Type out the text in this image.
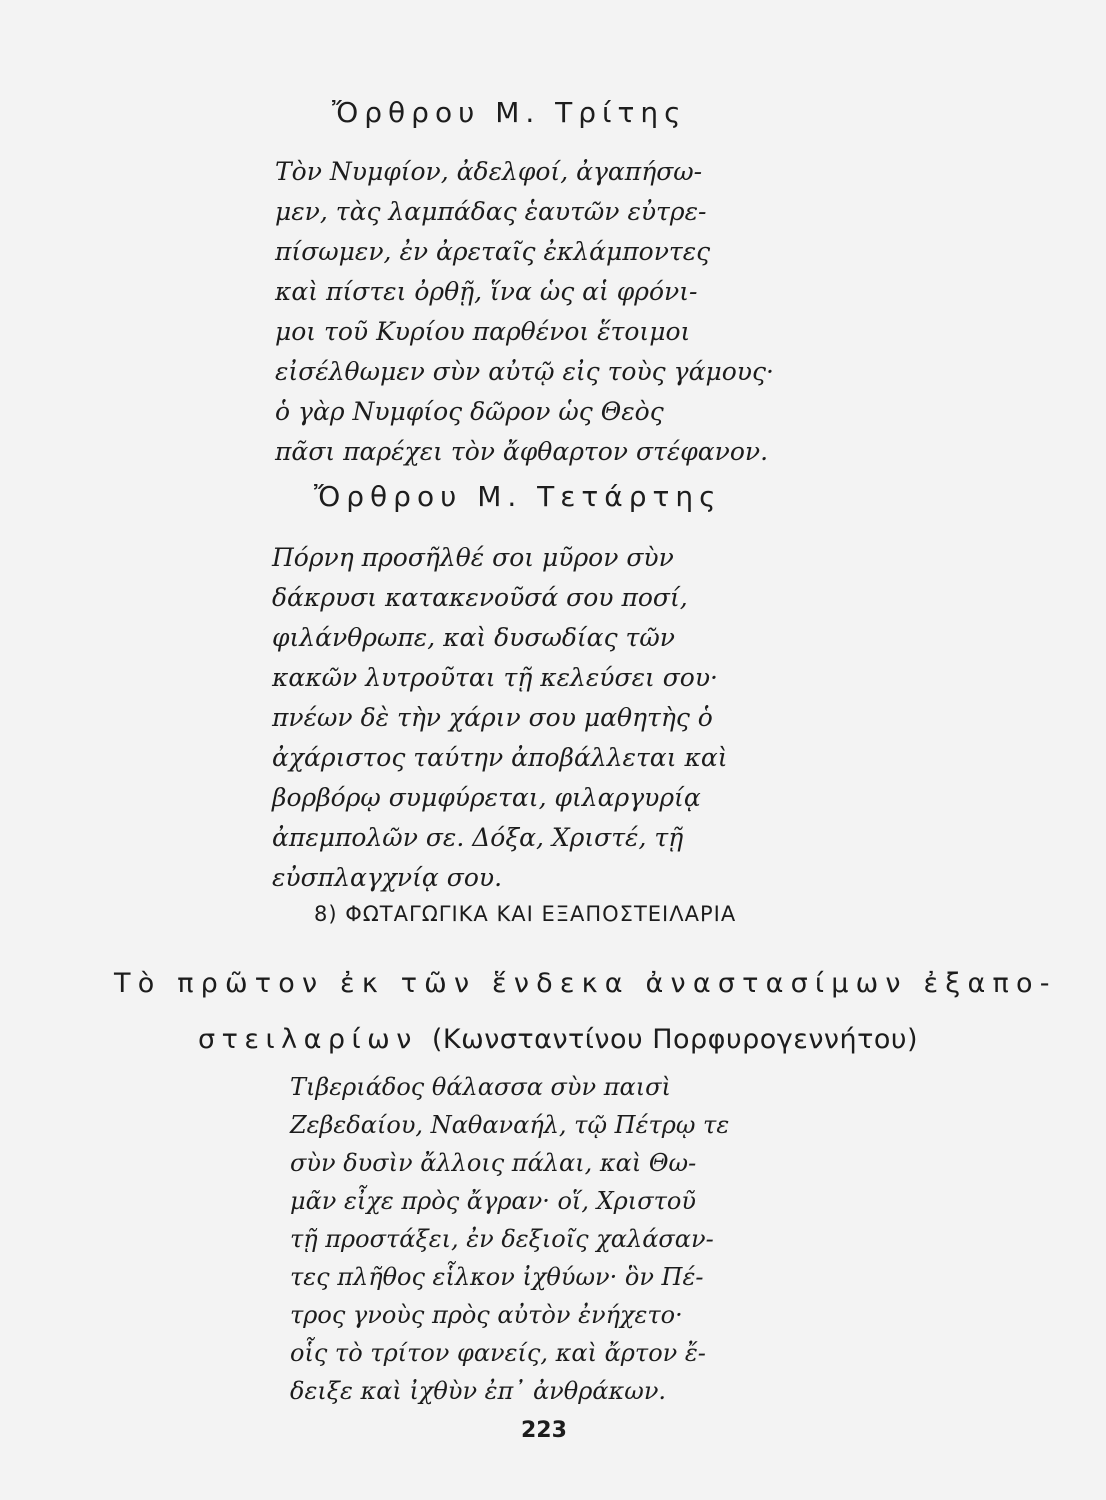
Ὄρθρου Μ. Τρίτης
Τὸν Νυμφίον, ἀδελφοί, ἀγαπήσω-
μεν, τὰς λαμπάδας ἑαυτῶν εὐτρε-
πίσωμεν, ἐν ἀρεταῖς ἐκλάμποντες
καὶ πίστει ὀρθῇ, ἵνα ὡς αἱ φρόνι-
μοι τοῦ Κυρίου παρθένοι ἕτοιμοι
εἰσέλθωμεν σὺν αὐτῷ εἰς τοὺς γάμους·
ὁ γὰρ Νυμφίος δῶρον ὡς Θεὸς
πᾶσι παρέχει τὸν ἄφθαρτον στέφανον.
Ὄρθρου Μ. Τετάρτης
Πόρνη προσῆλθέ σοι μῦρον σὺν
δάκρυσι κατακενοῦσά σου ποσί,
φιλάνθρωπε, καὶ δυσωδίας τῶν
κακῶν λυτροῦται τῇ κελεύσει σου·
πνέων δὲ τὴν χάριν σου μαθητὴς ὁ
ἀχάριστος ταύτην ἀποβάλλεται καὶ
βορβόρῳ συμφύρεται, φιλαργυρίᾳ
ἀπεμπολῶν σε. Δόξα, Χριστέ, τῇ
εὐσπλαγχνίᾳ σου.
8) ΦΩΤΑΓΩΓΙΚΑ ΚΑΙ ΕΞΑΠΟΣΤΕΙΛΑΡΙΑ
Τὸ πρῶτον ἐκ τῶν ἕνδεκα ἀναστασίμων ἐξαπο-
στειλαρίων (Κωνσταντίνου Πορφυρογεννήτου)
Τιβεριάδος θάλασσα σὺν παισὶ
Ζεβεδαίου, Ναθαναήλ, τῷ Πέτρῳ τε
σὺν δυσὶν ἄλλοις πάλαι, καὶ Θω-
μᾶν εἶχε πρὸς ἄγραν· οἵ, Χριστοῦ
τῇ προστάξει, ἐν δεξιοῖς χαλάσαν-
τες πλῆθος εἷλκον ἰχθύων· ὃν Πέ-
τρος γνοὺς πρὸς αὐτὸν ἐνήχετο·
οἷς τὸ τρίτον φανείς, καὶ ἄρτον ἔ-
δειξε καὶ ἰχθὺν ἐπ᾽ ἀνθράκων.
223
